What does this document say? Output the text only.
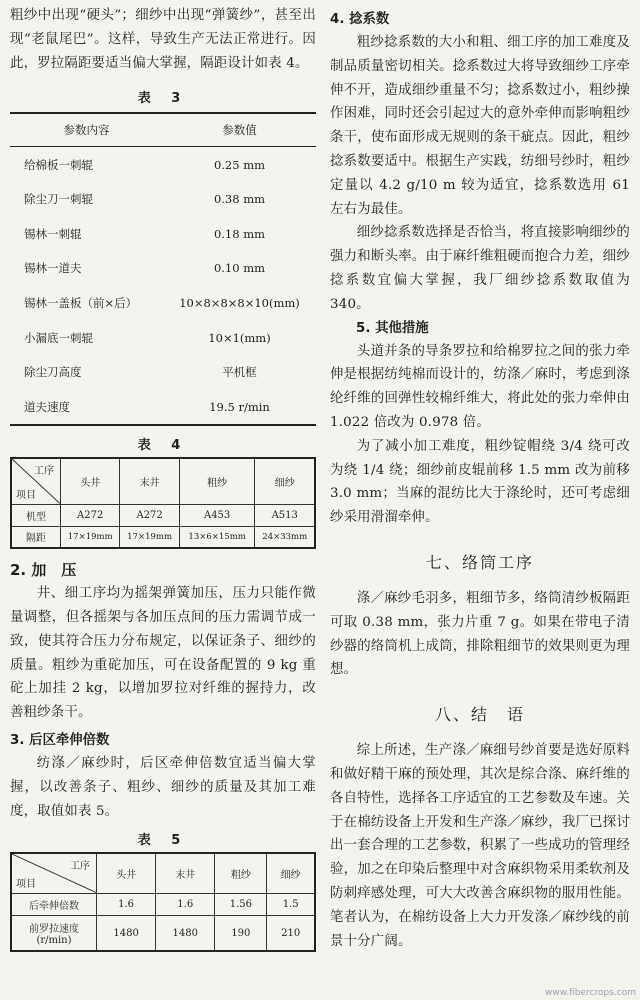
粗纱中出现“硬头”；细纱中出现“弹簧纱”，甚至出现“老鼠尾巴”。这样，导致生产无法正常进行。因此，罗拉隔距要适当偏大掌握，隔距设计如表 4。

表 3

参数内容	参数值
给棉板一刺辊	0.25 mm
除尘刀一刺辊	0.38 mm
锡林一刺辊	0.18 mm
锡林一道夫	0.10 mm
锡林一盖板（前×后）	10×8×8×8×10(mm)
小漏底一刺辊	10×1(mm)
除尘刀高度	平机框
道夫速度	19.5 r/min

表 4

工序
项目	头井	末井	粗纱	细纱
机型	A272	A272	A453	A513
隔距	17×19mm	17×19mm	13×6×15mm	24×33mm

2. 加　压

井、细工序均为摇架弹簧加压，压力只能作微量调整，但各摇架与各加压点间的压力需调节成一致，使其符合压力分布规定，以保证条子、细纱的质量。粗纱为重砣加压，可在设备配置的 9 kg 重砣上加挂 2 kg，以增加罗拉对纤维的握持力，改善粗纱条干。

3. 后区牵伸倍数

纺涤／麻纱时，后区牵伸倍数宜适当偏大掌握，以改善条子、粗纱、细纱的质量及其加工难度，取值如表 5。

表 5

工序
项目	头井	末井	粗纱	细纱
后牵伸倍数	1.6	1.6	1.56	1.5
前罗拉速度 (r/min)	1480	1480	190	210

4. 捻系数

粗纱捻系数的大小和粗、细工序的加工难度及制品质量密切相关。捻系数过大将导致细纱工序牵伸不开，造成细纱重量不匀；捻系数过小，粗纱操作困难，同时还会引起过大的意外牵伸而影响粗纱条干，使布面形成无规则的条干疵点。因此，粗纱捻系数要适中。根据生产实践，纺细号纱时，粗纱定量以 4.2 g/10 m 较为适宜，捻系数选用 61 左右为最佳。

细纱捻系数选择是否恰当，将直接影响细纱的强力和断头率。由于麻纤维粗硬而抱合力差，细纱捻系数宜偏大掌握，我厂细纱捻系数取值为 340。

5. 其他措施

头道并条的导条罗拉和给棉罗拉之间的张力牵伸是根据纺纯棉而设计的，纺涤／麻时，考虑到涤纶纤维的回弹性较棉纤维大，将此处的张力牵伸由 1.022 倍改为 0.978 倍。

为了减小加工难度，粗纱锭帽绕 3/4 绕可改为绕 1/4 绕；细纱前皮辊前移 1.5 mm 改为前移 3.0 mm；当麻的混纺比大于涤纶时，还可考虑细纱采用滑溜牵伸。

七、络筒工序

涤／麻纱毛羽多，粗细节多，络筒清纱板隔距可取 0.38 mm，张力片重 7 g。如果在带电子清纱器的络筒机上成筒，排除粗细节的效果则更为理想。

八、结　语

综上所述，生产涤／麻细号纱首要是选好原料和做好精干麻的预处理，其次是综合涤、麻纤维的各自特性，选择各工序适宜的工艺参数及车速。关于在棉纺设备上开发和生产涤／麻纱，我厂已探讨出一套合理的工艺参数，积累了一些成功的管理经验，加之在印染后整理中对含麻织物采用柔软剂及防刺痒感处理，可大大改善含麻织物的服用性能。笔者认为，在棉纺设备上大力开发涤／麻纱线的前景十分广阔。

www.fibercrops.com
